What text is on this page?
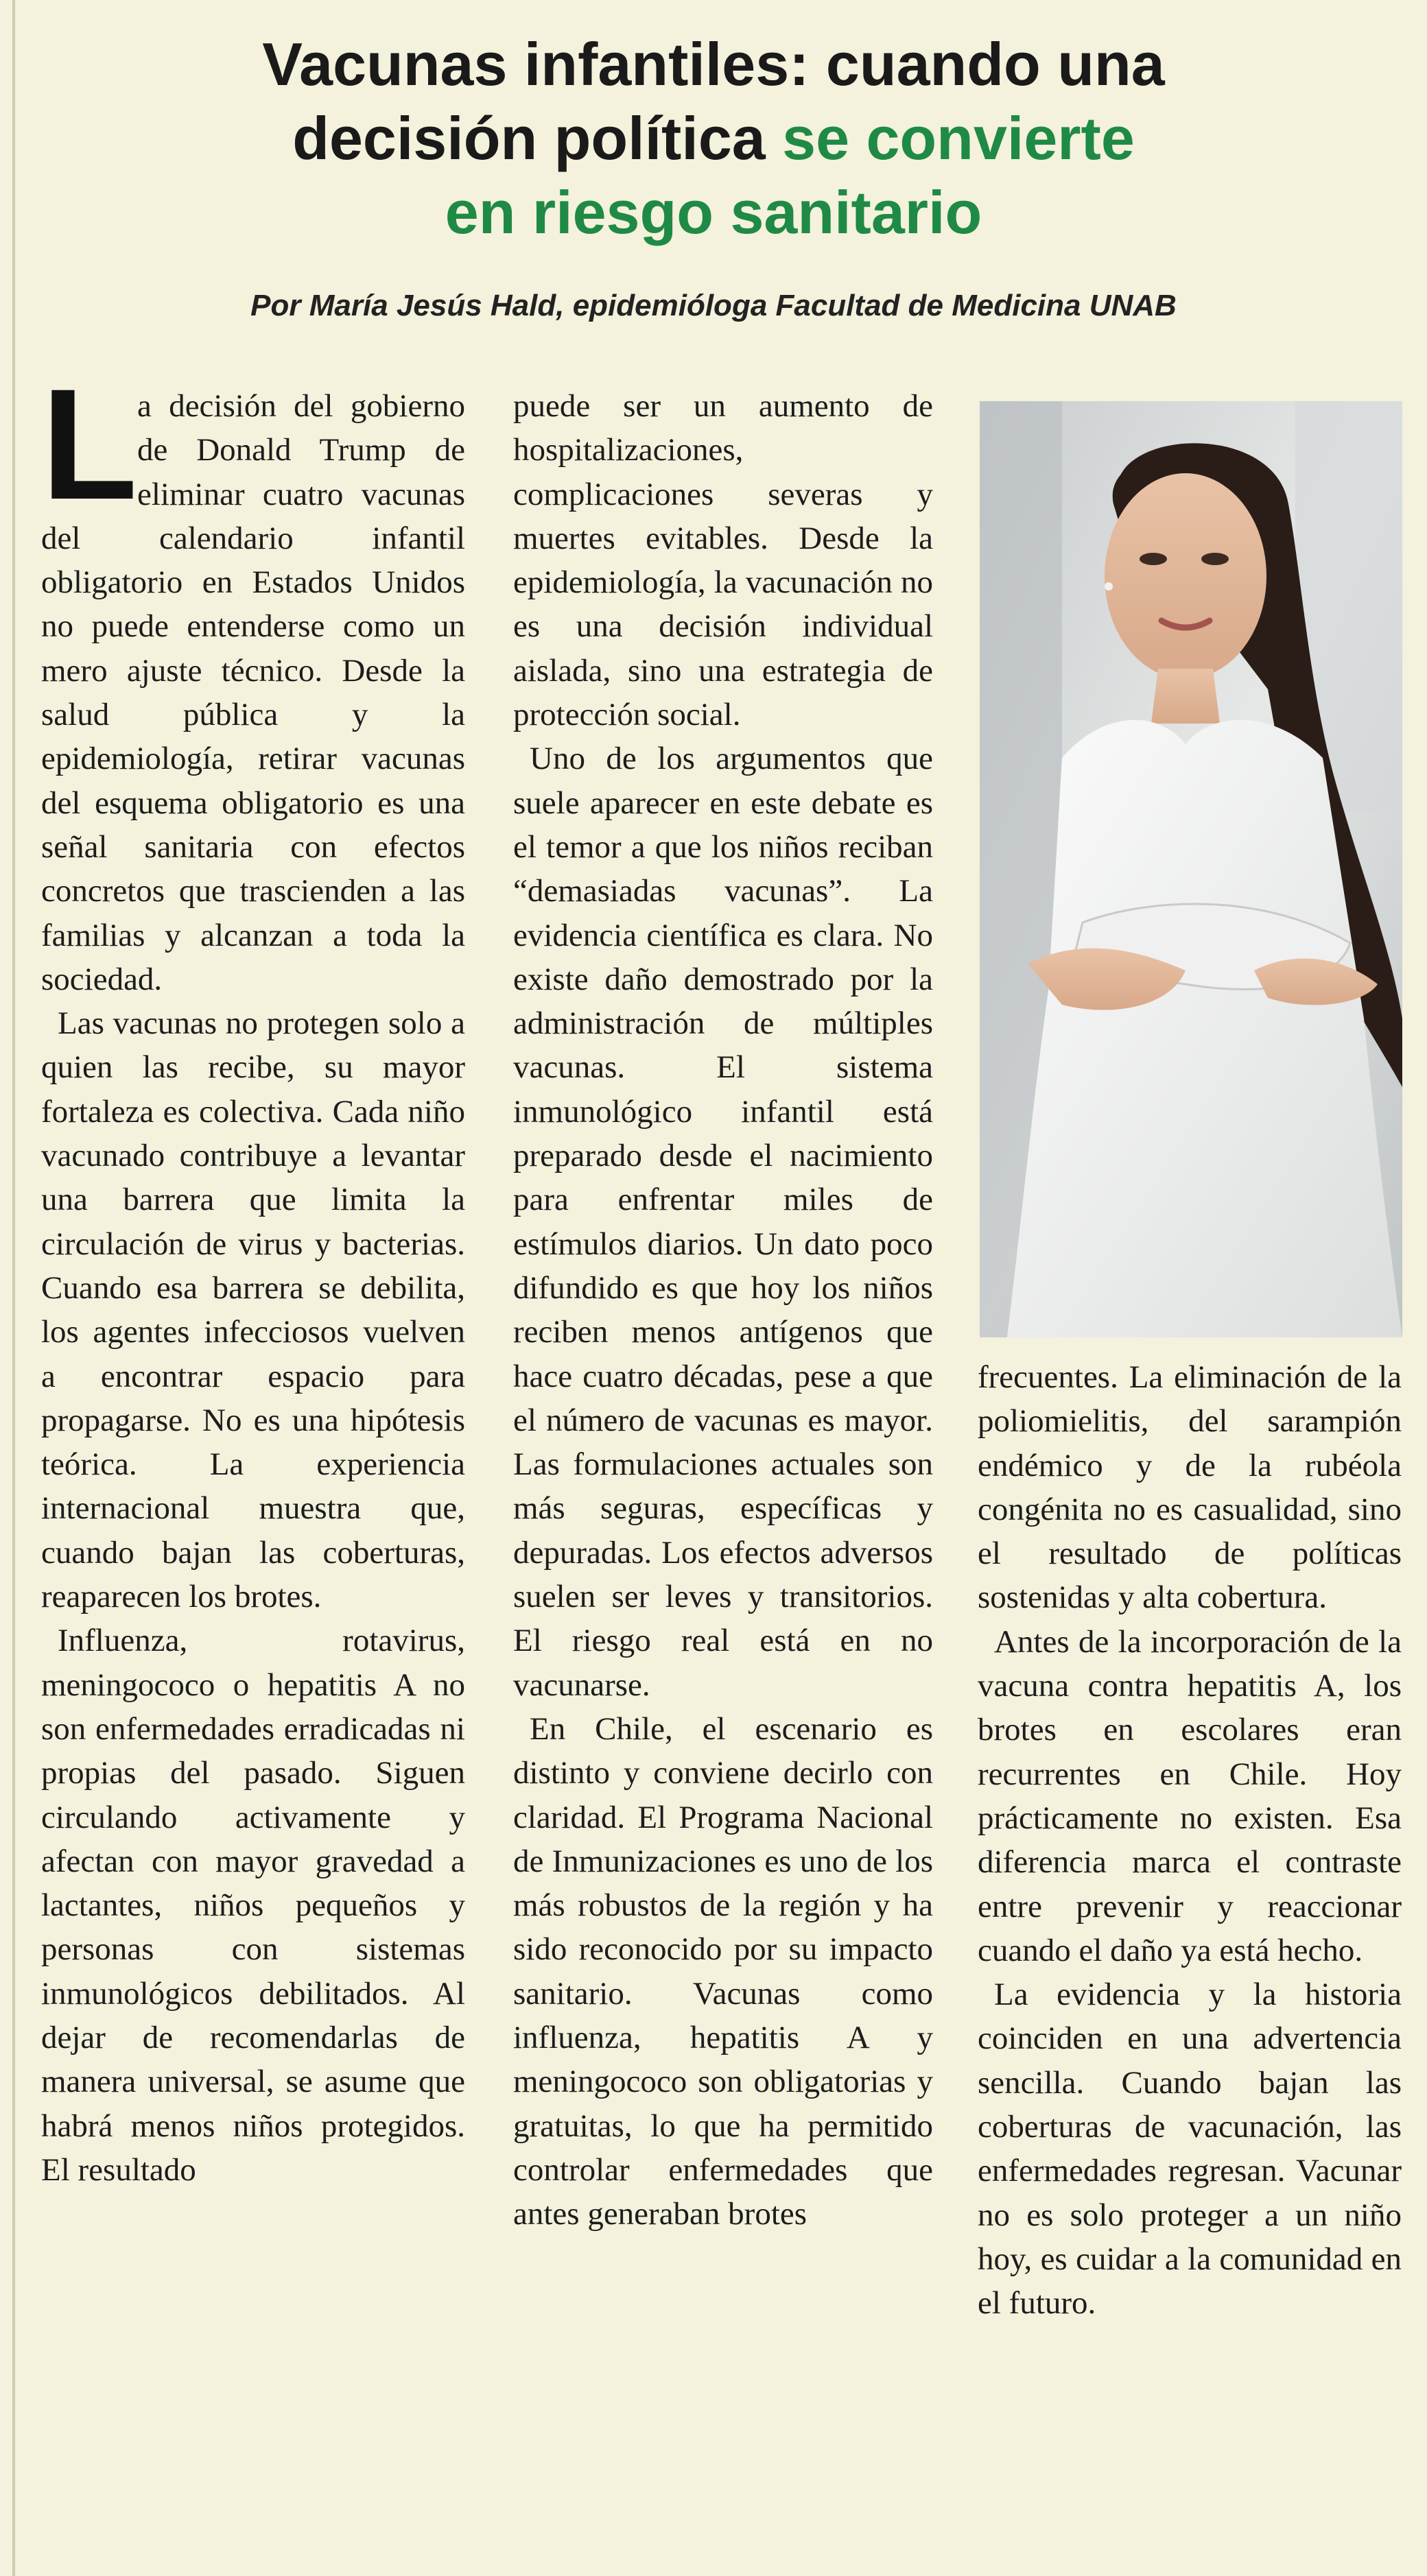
Vacunas infantiles: cuando una
decisión política se convierte
en riesgo sanitario
Por María Jesús Hald, epidemióloga Facultad de Medicina UNAB
L a decisión del gobierno de Donald Trump de eliminar cuatro vacunas del calendario infantil obligatorio en Estados Unidos no puede entenderse como un mero ajuste técnico. Desde la salud pública y la epidemiología, retirar vacunas del esquema obligatorio es una señal sanitaria con efectos concretos que trascienden a las familias y alcanzan a toda la sociedad.

Las vacunas no protegen solo a quien las recibe, su mayor fortaleza es colectiva. Cada niño vacunado contribuye a levantar una barrera que limita la circulación de virus y bacterias. Cuando esa barrera se debilita, los agentes infecciosos vuelven a encontrar espacio para propagarse. No es una hipótesis teórica. La experiencia internacional muestra que, cuando bajan las coberturas, reaparecen los brotes.

Influenza, rotavirus, meningococo o hepatitis A no son enfermedades erradicadas ni propias del pasado. Siguen circulando activamente y afectan con mayor gravedad a lactantes, niños pequeños y personas con sistemas inmunológicos debilitados. Al dejar de recomendarlas de manera universal, se asume que habrá menos niños protegidos. El resultado

puede ser un aumento de hospitalizaciones, complicaciones severas y muertes evitables. Desde la epidemiología, la vacunación no es una decisión individual aislada, sino una estrategia de protección social.

Uno de los argumentos que suele aparecer en este debate es el temor a que los niños reciban “demasiadas vacunas”. La evidencia científica es clara. No existe daño demostrado por la administración de múltiples vacunas. El sistema inmunológico infantil está preparado desde el nacimiento para enfrentar miles de estímulos diarios. Un dato poco difundido es que hoy los niños reciben menos antígenos que hace cuatro décadas, pese a que el número de vacunas es mayor. Las formulaciones actuales son más seguras, específicas y depuradas. Los efectos adversos suelen ser leves y transitorios. El riesgo real está en no vacunarse.

En Chile, el escenario es distinto y conviene decirlo con claridad. El Programa Nacional de Inmunizaciones es uno de los más robustos de la región y ha sido reconocido por su impacto sanitario. Vacunas como influenza, hepatitis A y meningococo son obligatorias y gratuitas, lo que ha permitido controlar enfermedades que antes generaban brotes

frecuentes. La eliminación de la poliomielitis, del sarampión endémico y de la rubéola congénita no es casualidad, sino el resultado de políticas sostenidas y alta cobertura.

Antes de la incorporación de la vacuna contra hepatitis A, los brotes en escolares eran recurrentes en Chile. Hoy prácticamente no existen. Esa diferencia marca el contraste entre prevenir y reaccionar cuando el daño ya está hecho.

La evidencia y la historia coinciden en una advertencia sencilla. Cuando bajan las coberturas de vacunación, las enfermedades regresan. Vacunar no es solo proteger a un niño hoy, es cuidar a la comunidad en el futuro.
